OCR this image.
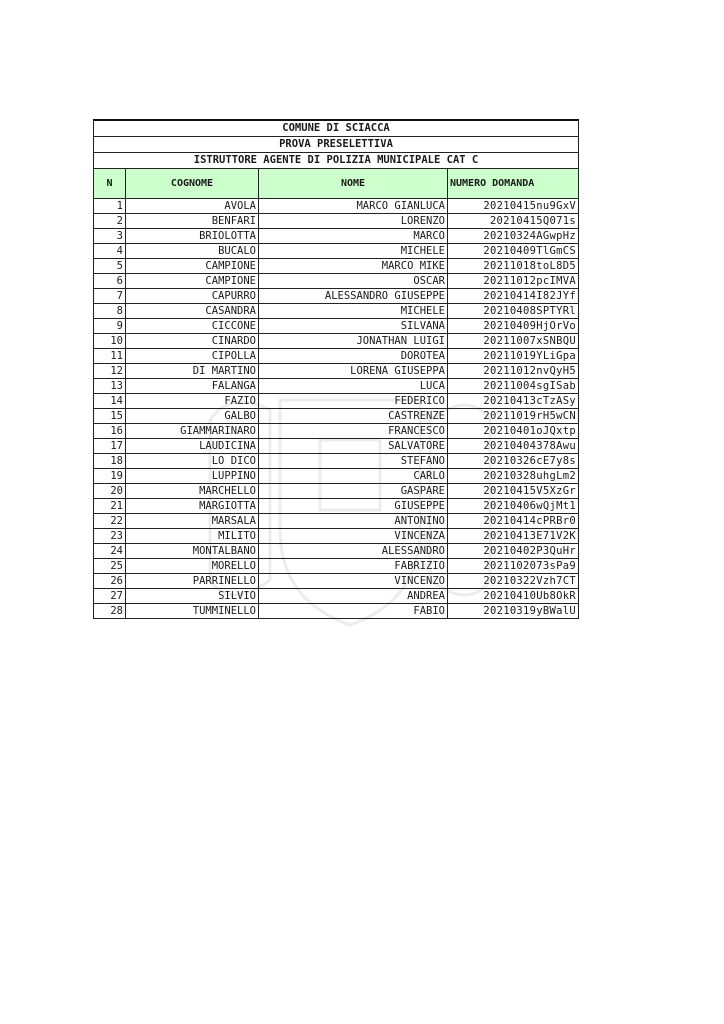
COMUNE DI SCIACCA			
PROVA PRESELETTIVA			
ISTRUTTORE AGENTE DI POLIZIA MUNICIPALE CAT C			
N	COGNOME	NOME	NUMERO DOMANDA
1	AVOLA	MARCO GIANLUCA	20210415nu9GxV
2	BENFARI	LORENZO	20210415Q071s
3	BRIOLOTTA	MARCO	20210324AGwpHz
4	BUCALO	MICHELE	20210409TlGmCS
5	CAMPIONE	MARCO MIKE	20211018toL8D5
6	CAMPIONE	OSCAR	20211012pcIMVA
7	CAPURRO	ALESSANDRO GIUSEPPE	20210414I82JYf
8	CASANDRA	MICHELE	20210408SPTYRl
9	CICCONE	SILVANA	20210409HjOrVo
10	CINARDO	JONATHAN LUIGI	20211007xSNBQU
11	CIPOLLA	DOROTEA	20211019YLiGpa
12	DI MARTINO	LORENA GIUSEPPA	20211012nvQyH5
13	FALANGA	LUCA	20211004sgISab
14	FAZIO	FEDERICO	20210413cTzASy
15	GALBO	CASTRENZE	20211019rH5wCN
16	GIAMMARINARO	FRANCESCO	20210401oJQxtp
17	LAUDICINA	SALVATORE	20210404378Awu
18	LO DICO	STEFANO	20210326cE7y8s
19	LUPPINO	CARLO	20210328uhgLm2
20	MARCHELLO	GASPARE	20210415V5XzGr
21	MARGIOTTA	GIUSEPPE	20210406wQjMt1
22	MARSALA	ANTONINO	20210414cPRBr0
23	MILITO	VINCENZA	20210413E71V2K
24	MONTALBANO	ALESSANDRO	20210402P3QuHr
25	MORELLO	FABRIZIO	2021102073sPa9
26	PARRINELLO	VINCENZO	20210322Vzh7CT
27	SILVIO	ANDREA	20210410Ub8OkR
28	TUMMINELLO	FABIO	20210319yBWalU
